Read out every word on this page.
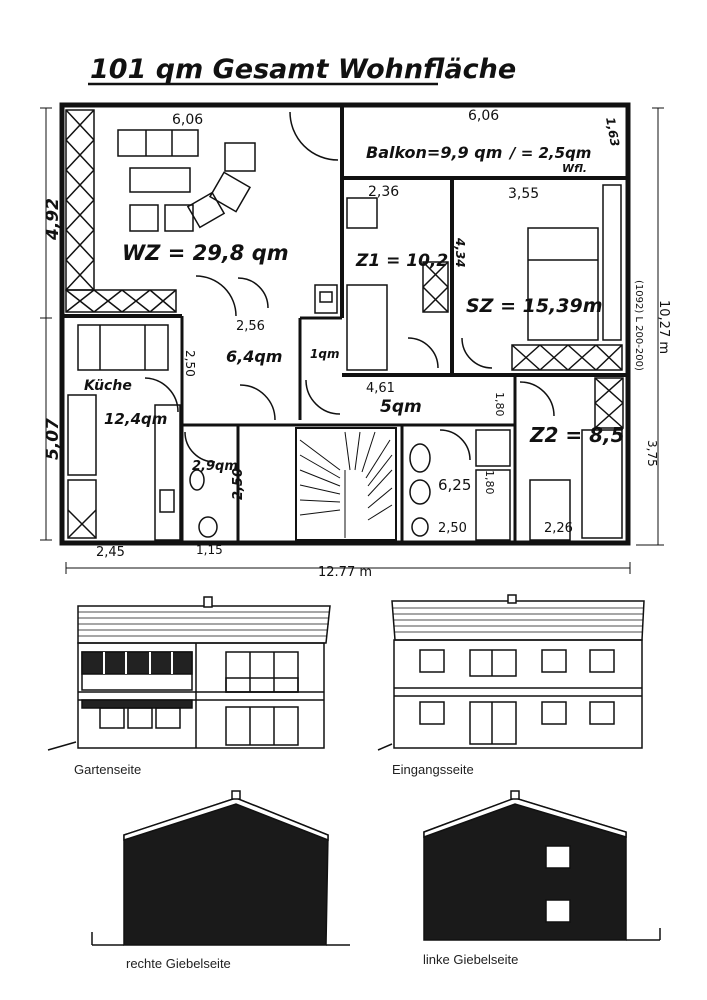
101 qm Gesamt Wohnfläche
6,06	6,06
4,92
5,07
10,27 m
(1092) L 200-200)
1,63
3,75
2,45	1,15
2,50	2,26
12.77 m
Balkon=9,9 qm / = 2,5qm
Wfl.
WZ = 29,8 qm
2,36
Z1 = 10,2 4,34
3,55
SZ = 15,39m
2,56
6,4qm 1qm
Küche
12,4qm
2,50
4,61
5qm
2,9qm
2,50	6,25 1,80
1,80
Z2 = 8,5
Gartenseite	Eingangsseite
rechte Giebelseite	linke Giebelseite
